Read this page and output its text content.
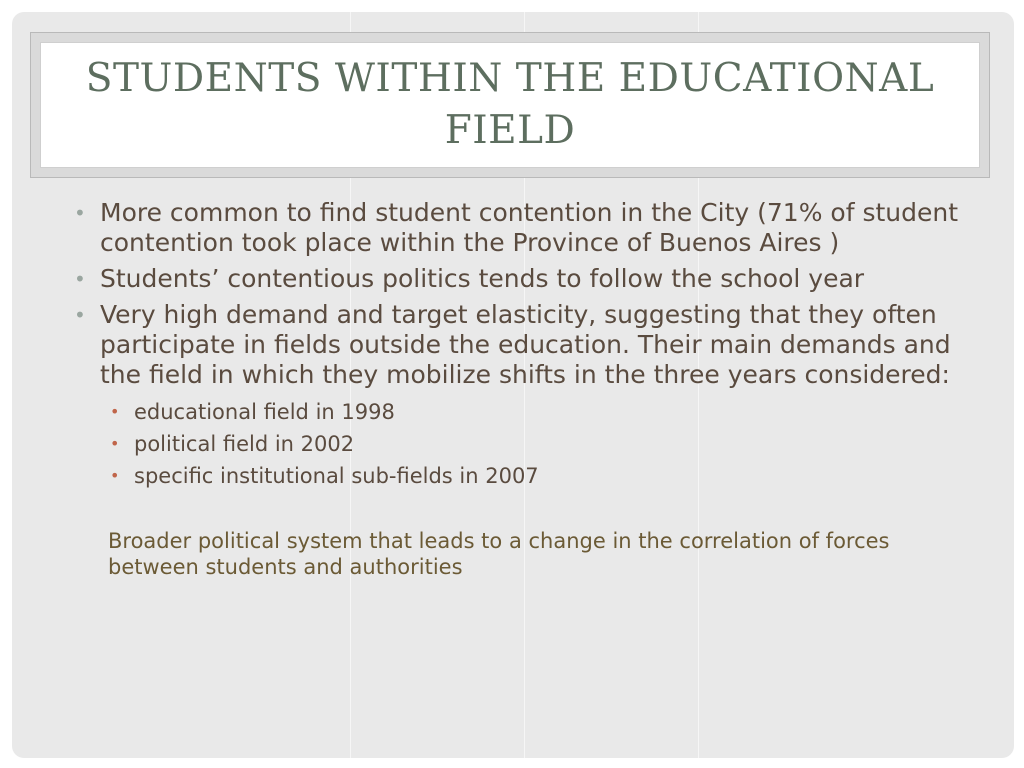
STUDENTS WITHIN THE EDUCATIONAL FIELD
• More common to find student contention in the City (71% of student contention took place within the Province of Buenos Aires )
• Students’ contentious politics tends to follow the school year
• Very high demand and target elasticity, suggesting that they often participate in fields outside the education. Their main demands and the field in which they mobilize shifts in the three years considered:
• educational field in 1998
• political field in 2002
• specific institutional sub-fields in 2007
Broader political system that leads to a change in the correlation of forces between students and authorities
